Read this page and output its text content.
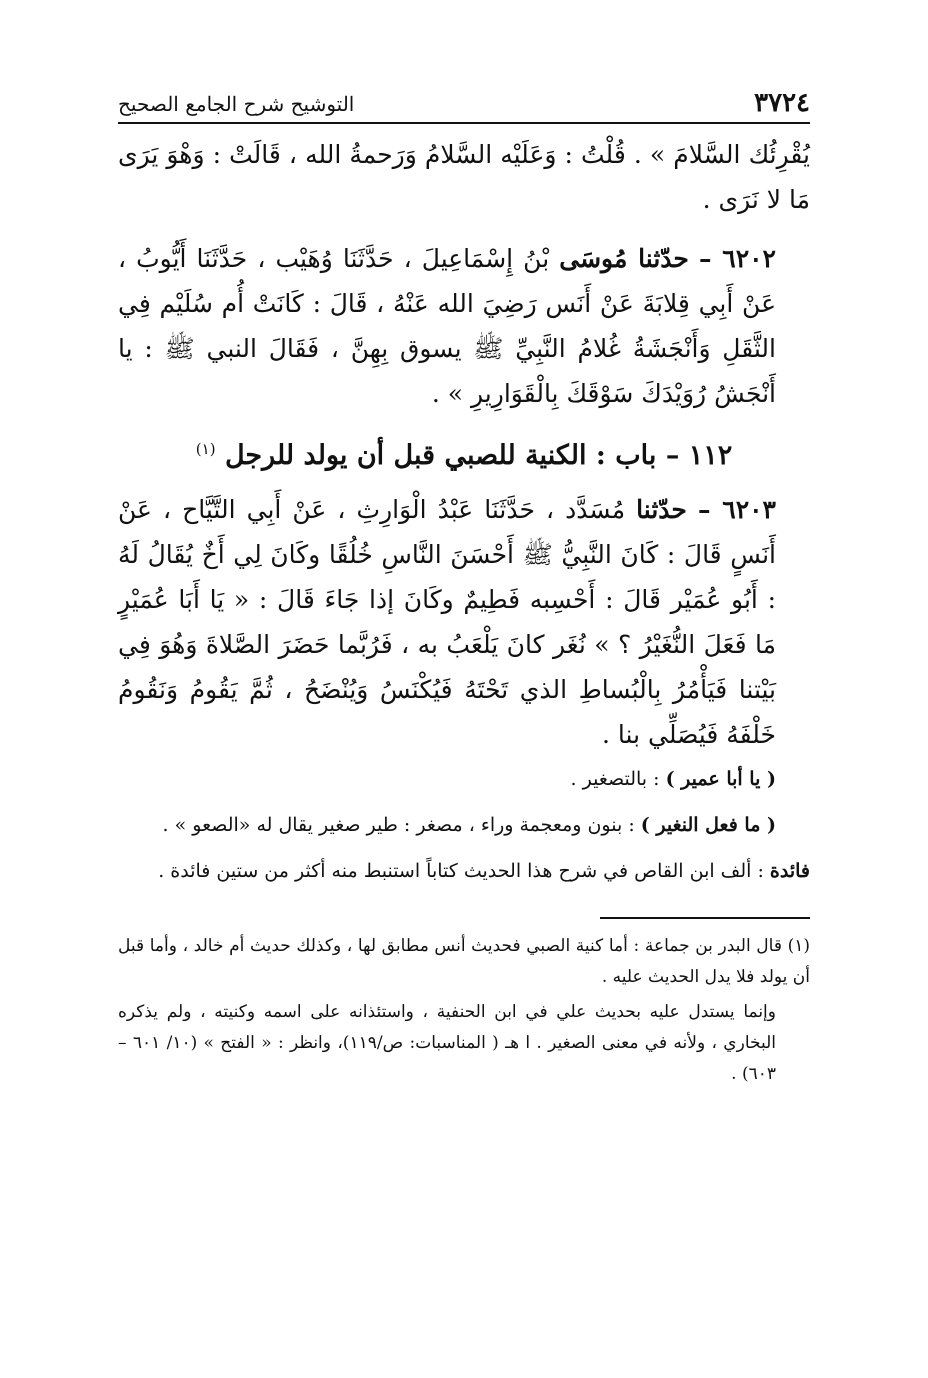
٣٧٢٤
التوشيح شرح الجامع الصحيح

يُقْرِئُك السَّلامَ » . قُلْتُ : وَعَلَيْه السَّلامُ وَرَحمةُ الله ، قَالَتْ : وَهْوَ يَرَى مَا لا نَرَى .

٦٢٠٢ – حدّثنا مُوسَى بْنُ إِسْمَاعِيلَ ، حَدَّثَنَا وُهَيْب ، حَدَّثَنَا أَيُّوبُ ، عَنْ أَبِي قِلابَةَ عَنْ أَنَس رَضِيَ الله عَنْهُ ، قَالَ : كَانَتْ أُم سُلَيْم فِي الثَّقَلِ وَأَنْجَشَةُ غُلامُ النَّبِيِّ ﷺ يسوق بِهِنَّ ، فَقَالَ النبي ﷺ : يا أَنْجَشُ رُوَيْدَكَ سَوْقَكَ بِالْقَوَارِيرِ » .

١١٢ – باب : الكنية للصبي قبل أن يولد للرجل $^{(١)}$

٦٢٠٣ – حدّثنا مُسَدَّد ، حَدَّثَنَا عَبْدُ الْوَارِثِ ، عَنْ أَبِي التَّيَّاح ، عَنْ أَنَسٍ قَالَ : كَانَ النَّبِيُّ ﷺ أَحْسَنَ النَّاسِ خُلُقًا وكَانَ لِي أَخٌ يُقَالُ لَهُ : أَبُو عُمَيْر قَالَ : أَحْسِبه فَطِيمٌ وكَانَ إذا جَاءَ قَالَ : « يَا أَبَا عُمَيْرٍ مَا فَعَلَ النُّغَيْرُ ؟ » نُغَر كانَ يَلْعَبُ به ، فَرُبَّما حَضَرَ الصَّلاةَ وَهُوَ فِي بَيْتنا فَيَأْمُرُ بِالْبُساطِ الذي تَحْتَهُ فَيُكْنَسُ وَيُنْضَحُ ، ثُمَّ يَقُومُ وَنَقُومُ خَلْفَهُ فَيُصَلِّي بنا .

( يا أبا عمير ) : بالتصغير .

( ما فعل النغير ) : بنون ومعجمة وراء ، مصغر : طير صغير يقال له «الصعو » .

فائدة : ألف ابن القاص في شرح هذا الحديث كتاباً استنبط منه أكثر من ستين فائدة .

(١) قال البدر بن جماعة : أما كنية الصبي فحديث أنس مطابق لها ، وكذلك حديث أم خالد ، وأما قبل أن يولد فلا يدل الحديث عليه .

وإنما يستدل عليه بحديث علي في ابن الحنفية ، واستئذانه على اسمه وكنيته ، ولم يذكره البخاري ، ولأنه في معنى الصغير . ا هـ ( المناسبات: ص/١١٩)، وانظر : « الفتح » (١٠/ ٦٠١ – ٦٠٣) .
